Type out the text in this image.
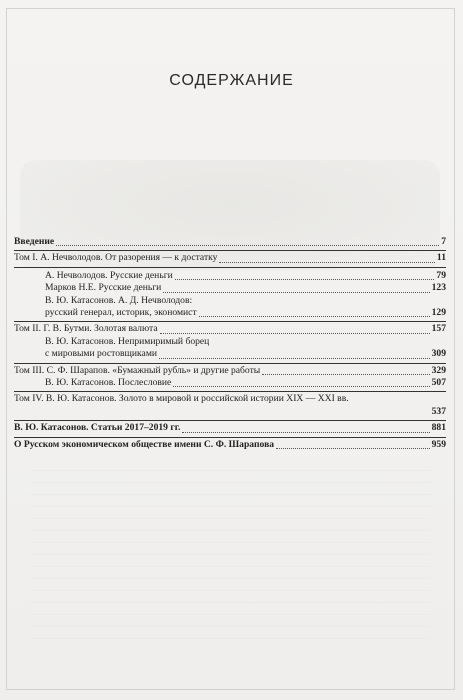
СОДЕРЖАНИЕ
Введение	7
Том I. А. Нечволодов. От разорения — к достатку	11
А. Нечволодов. Русские деньги	79
Марков Н.Е. Русские деньги	123
В. Ю. Катасонов. А. Д. Нечволодов:
русский генерал, историк, экономист	129
Том II. Г. В. Бутми. Золотая валюта	157
В. Ю. Катасонов. Непримиримый борец
с мировыми ростовщиками	309
Том III. С. Ф. Шарапов. «Бумажный рубль» и другие работы	329
В. Ю. Катасонов. Послесловие	507
Том IV. В. Ю. Катасонов. Золото в мировой и российской истории XIX — XXI вв.
537
В. Ю. Катасонов. Статьи 2017–2019 гг.	881
О Русском экономическом обществе имени С. Ф. Шарапова	959
